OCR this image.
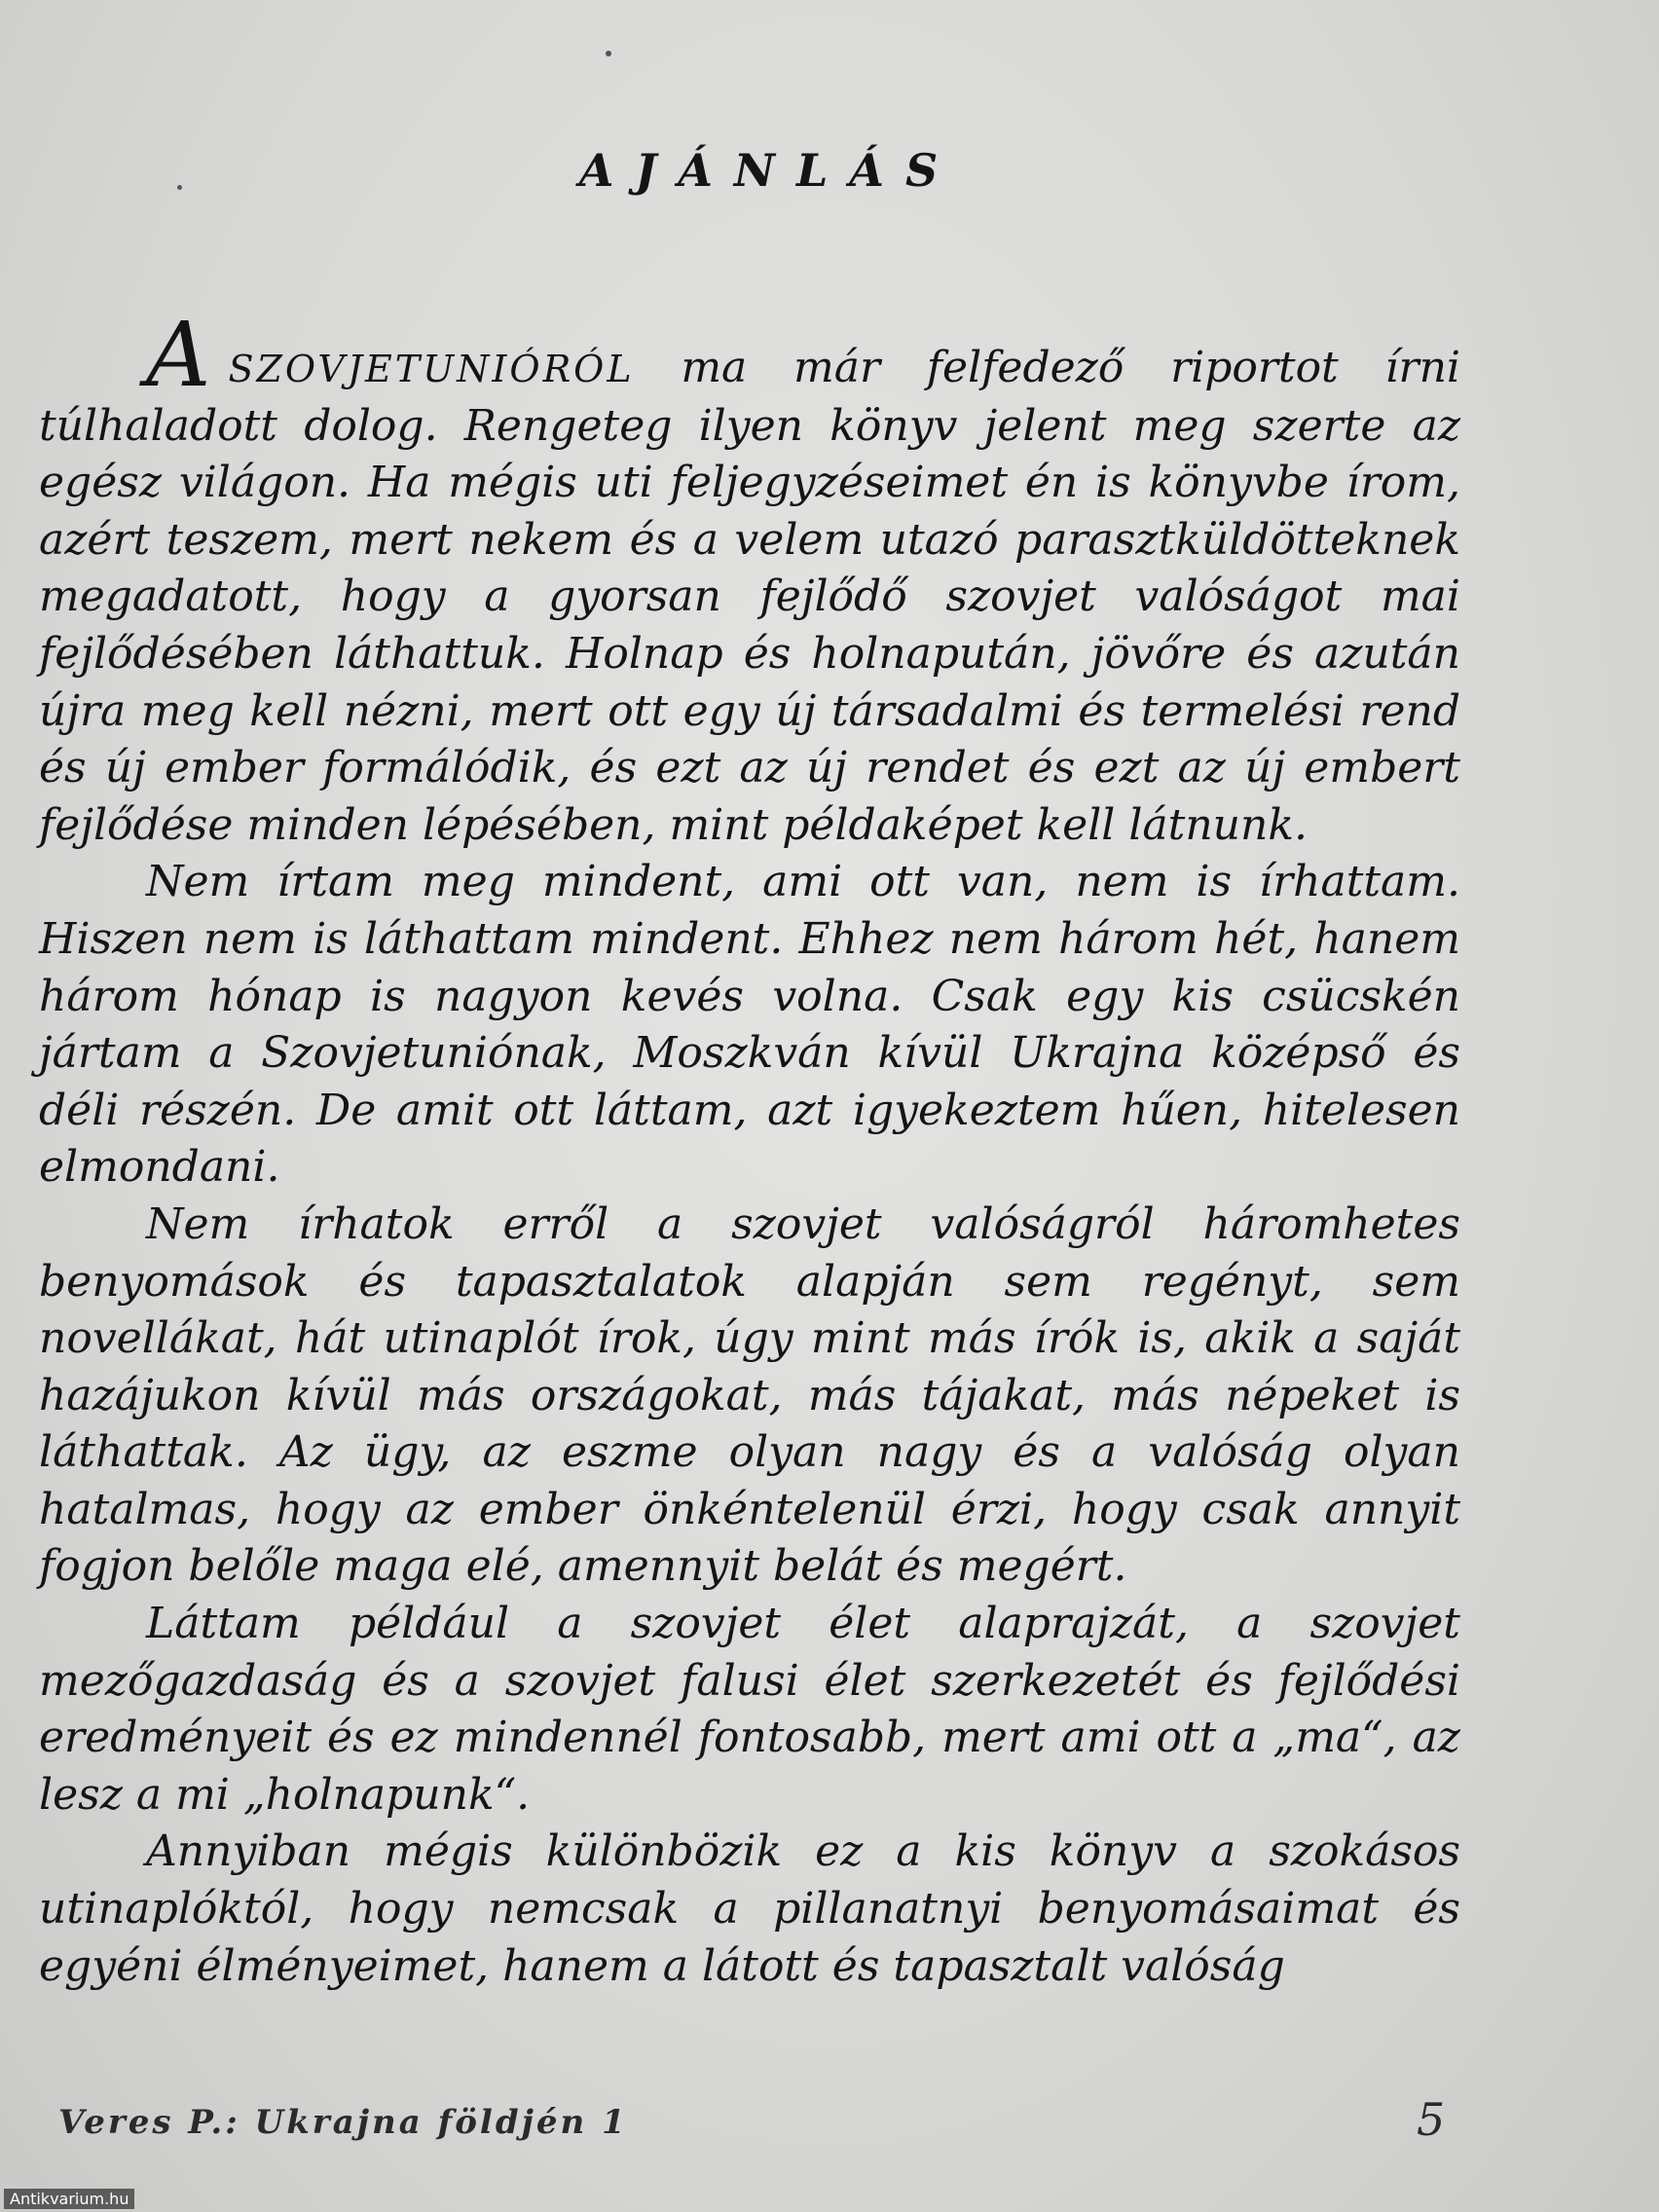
AJÁNLÁS

ASZOVJETUNIÓRÓL ma már felfedező riportot írni túlhaladott dolog. Rengeteg ilyen könyv jelent meg szerte az egész világon. Ha mégis uti feljegyzéseimet én is könyvbe írom, azért teszem, mert nekem és a velem utazó parasztküldötteknek megadatott, hogy a gyorsan fejlődő szovjet valóságot mai fejlődésében láthattuk. Holnap és holnapután, jövőre és azután újra meg kell nézni, mert ott egy új társadalmi és termelési rend és új ember formálódik, és ezt az új rendet és ezt az új embert fejlődése minden lépésében, mint példaképet kell látnunk.

Nem írtam meg mindent, ami ott van, nem is írhattam. Hiszen nem is láthattam mindent. Ehhez nem három hét, hanem három hónap is nagyon kevés volna. Csak egy kis csücskén jártam a Szovjetuniónak, Moszkván kívül Ukrajna középső és déli részén. De amit ott láttam, azt igyekeztem hűen, hitelesen elmondani.

Nem írhatok erről a szovjet valóságról háromhetes benyomások és tapasztalatok alapján sem regényt, sem novellákat, hát utinaplót írok, úgy mint más írók is, akik a saját hazájukon kívül más országokat, más tájakat, más népeket is láthattak. Az ügy, az eszme olyan nagy és a valóság olyan hatalmas, hogy az ember önkéntelenül érzi, hogy csak annyit fogjon belőle maga elé, amennyit belát és megért.

Láttam például a szovjet élet alaprajzát, a szovjet mezőgazdaság és a szovjet falusi élet szerkezetét és fejlődési eredményeit és ez mindennél fontosabb, mert ami ott a „ma“, az lesz a mi „holnapunk“.

Annyiban mégis különbözik ez a kis könyv a szokásos utinaplóktól, hogy nemcsak a pillanatnyi benyomásaimat és egyéni élményeimet, hanem a látott és tapasztalt valóság

Veres P.: Ukrajna földjén 1	5
Antikvarium.hu
